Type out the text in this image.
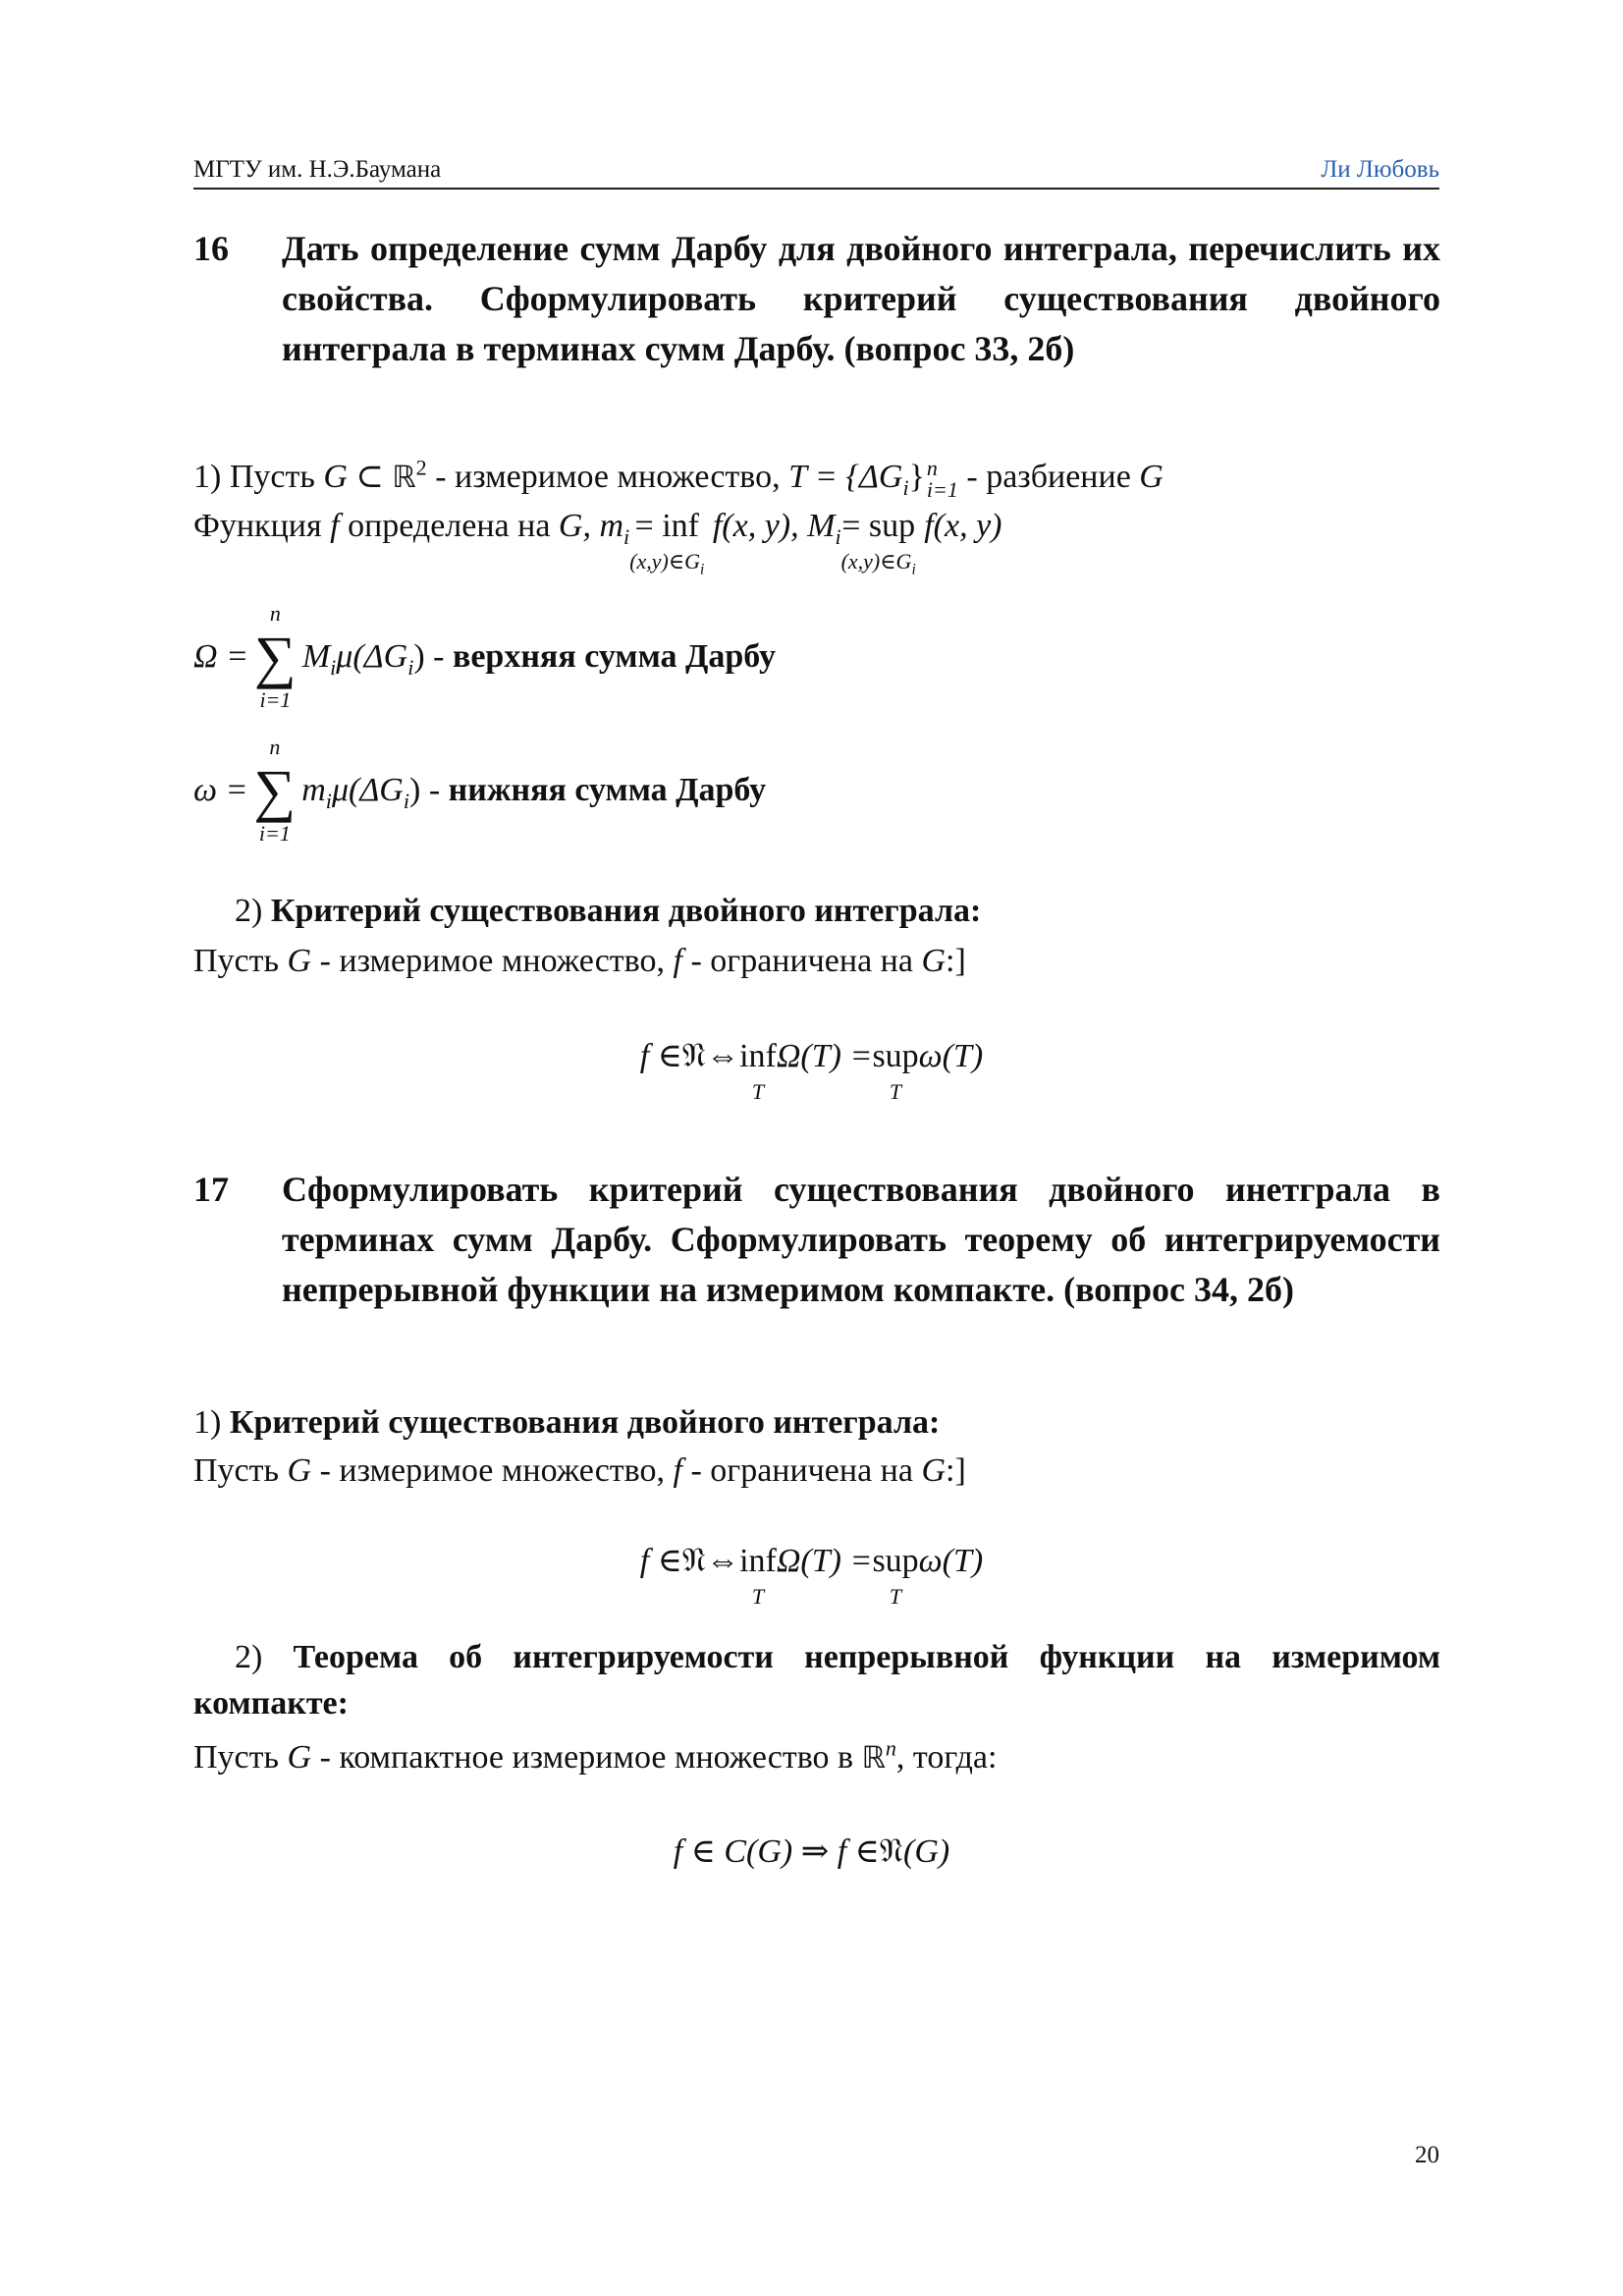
МГТУ им. Н.Э.Баумана	Ли Любовь
16	Дать определение сумм Дарбу для двойного интеграла, перечислить их свойства. Сформулировать критерий существования двойного интеграла в терминах сумм Дарбу. (вопрос 33, 2б)
1) Пусть G ⊂ ℝ$^2$ - измеримое множество, $T = \{\Delta G_i\}$ n
i=1 - разбиение G
Функция f определена на G, $m_i$ = inf
$(x,y)\in G_i$
f(x, y), $M_i$ = sup
$(x,y)\in G_i$
f(x, y)
Ω =
n
∑
i=1
$M_i\mu(\Delta G_i)$ - верхняя сумма Дарбу
ω =
n
∑
i=1
$m_i\mu(\Delta G_i)$ - нижняя сумма Дарбу
2) Критерий существования двойного интеграла:
Пусть G - измеримое множество, f - ограничена на G:]
f ∈ 𝔑 ⇔ inf
T
Ω(T) = sup
T
ω(T)
17	Сформулировать критерий существования двойного инетграла в терминах сумм Дарбу. Сформулировать теорему об интегрируемости непрерывной функции на измеримом компакте. (вопрос 34, 2б)
1) Критерий существования двойного интеграла:
Пусть G - измеримое множество, f - ограничена на G:]
f ∈ 𝔑 ⇔ inf
T
Ω(T) = sup
T
ω(T)
2) Теорема об интегрируемости непрерывной функции на измеримом компакте:
Пусть G - компактное измеримое множество в ℝ$^n$, тогда:
f ∈ C(G) ⇒ f ∈ 𝔑 (G)
20
